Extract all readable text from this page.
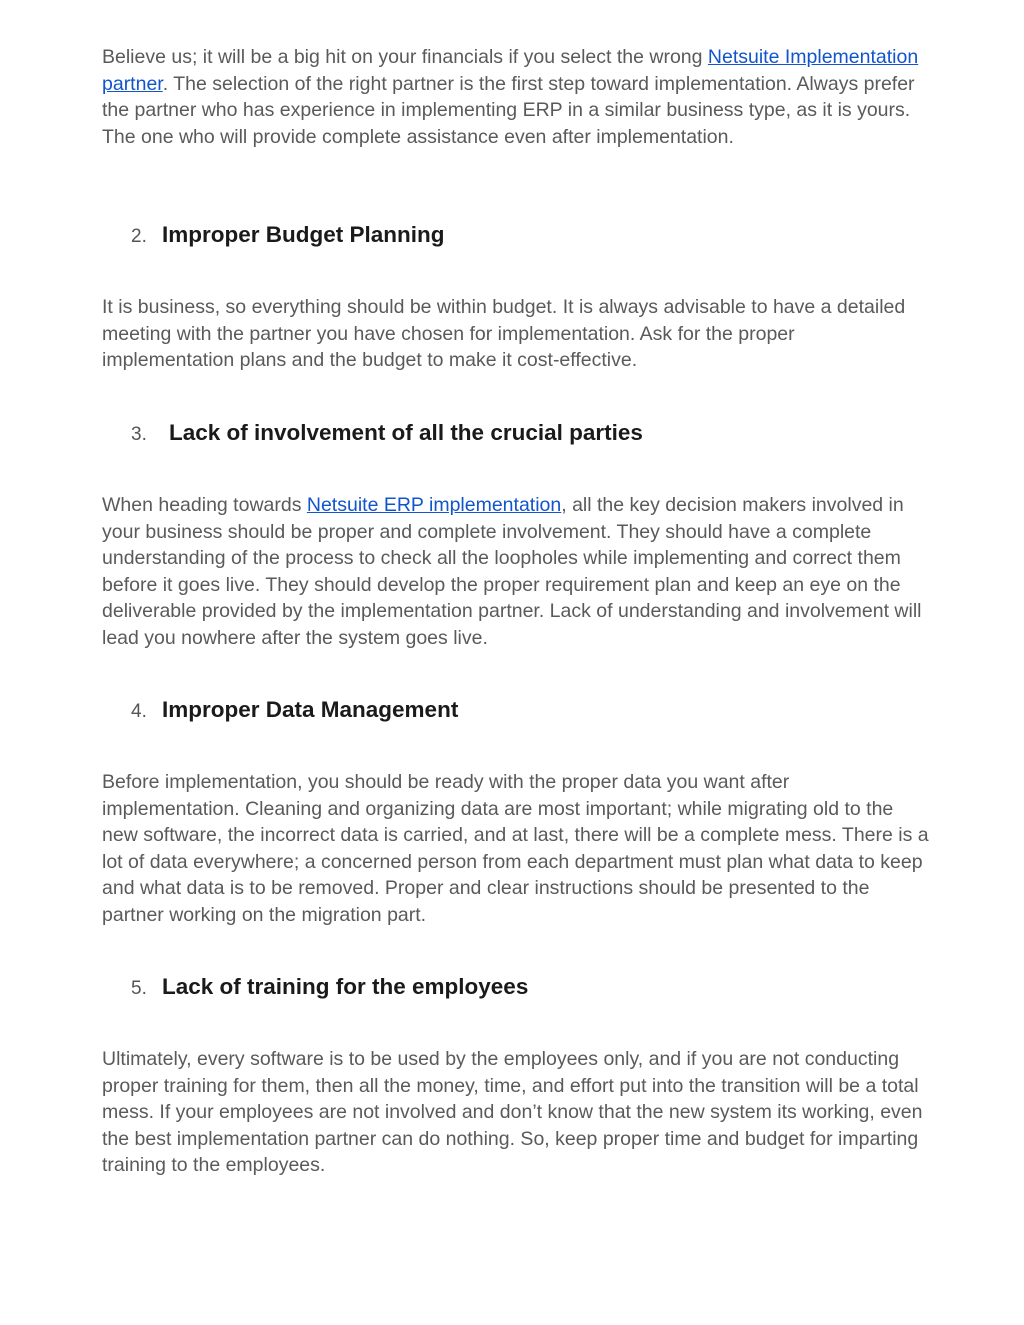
Believe us; it will be a big hit on your financials if you select the wrong Netsuite Implementation partner. The selection of the right partner is the first step toward implementation. Always prefer the partner who has experience in implementing ERP in a similar business type, as it is yours. The one who will provide complete assistance even after implementation.

2. Improper Budget Planning

It is business, so everything should be within budget. It is always advisable to have a detailed meeting with the partner you have chosen for implementation. Ask for the proper implementation plans and the budget to make it cost-effective.

3. Lack of involvement of all the crucial parties

When heading towards Netsuite ERP implementation, all the key decision makers involved in your business should be proper and complete involvement. They should have a complete understanding of the process to check all the loopholes while implementing and correct them before it goes live. They should develop the proper requirement plan and keep an eye on the deliverable provided by the implementation partner. Lack of understanding and involvement will lead you nowhere after the system goes live.

4. Improper Data Management

Before implementation, you should be ready with the proper data you want after implementation. Cleaning and organizing data are most important; while migrating old to the new software, the incorrect data is carried, and at last, there will be a complete mess. There is a lot of data everywhere; a concerned person from each department must plan what data to keep and what data is to be removed. Proper and clear instructions should be presented to the partner working on the migration part.

5. Lack of training for the employees

Ultimately, every software is to be used by the employees only, and if you are not conducting proper training for them, then all the money, time, and effort put into the transition will be a total mess. If your employees are not involved and don’t know that the new system its working, even the best implementation partner can do nothing. So, keep proper time and budget for imparting training to the employees.
